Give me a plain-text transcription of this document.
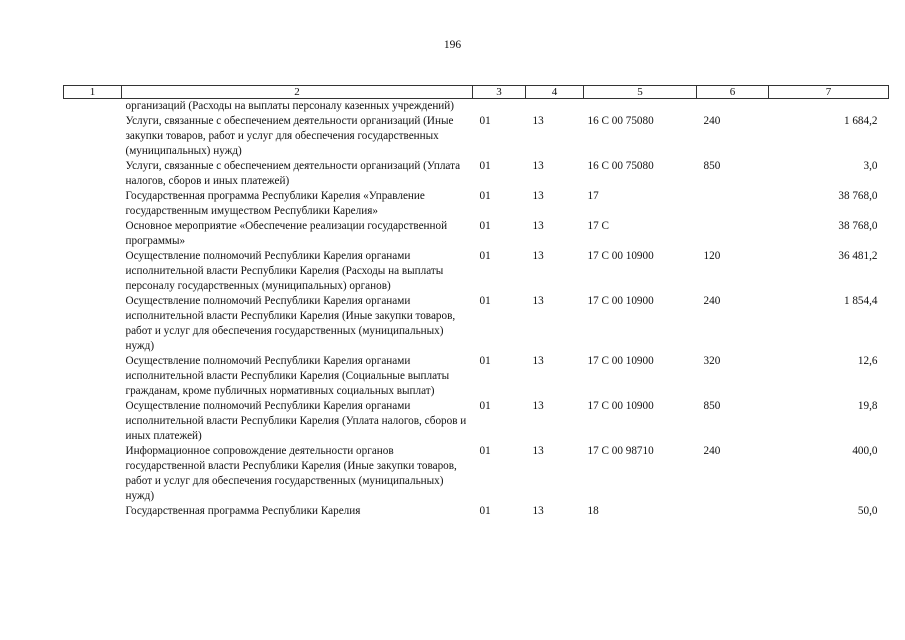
196
1	2	3	4	5	6	7
	организаций (Расходы на выплаты персоналу казенных учреждений)					
	Услуги, связанные с обеспечением деятельности организаций (Иные закупки товаров, работ и услуг для обеспечения государственных (муниципальных) нужд)	01	13	16 С 00 75080	240	1 684,2
	Услуги, связанные с обеспечением деятельности организаций (Уплата налогов, сборов и иных платежей)	01	13	16 С 00 75080	850	3,0
	Государственная программа Республики Карелия «Управление государственным имуществом Республики Карелия»	01	13	17		38 768,0
	Основное мероприятие «Обеспечение реализации государственной программы»	01	13	17 С		38 768,0
	Осуществление полномочий Республики Карелия органами исполнительной власти Республики Карелия (Расходы на выплаты персоналу государственных (муниципальных) органов)	01	13	17 С 00 10900	120	36 481,2
	Осуществление полномочий Республики Карелия органами исполнительной власти Республики Карелия (Иные закупки товаров, работ и услуг для обеспечения государственных (муниципальных) нужд)	01	13	17 С 00 10900	240	1 854,4
	Осуществление полномочий Республики Карелия органами исполнительной власти Республики Карелия (Социальные выплаты гражданам, кроме публичных нормативных социальных выплат)	01	13	17 С 00 10900	320	12,6
	Осуществление полномочий Республики Карелия органами исполнительной власти Республики Карелия (Уплата налогов, сборов и иных платежей)	01	13	17 С 00 10900	850	19,8
	Информационное сопровождение деятельности органов государственной власти Республики Карелия (Иные закупки товаров, работ и услуг для обеспечения государственных (муниципальных) нужд)	01	13	17 С 00 98710	240	400,0
	Государственная программа Республики Карелия	01	13	18		50,0
